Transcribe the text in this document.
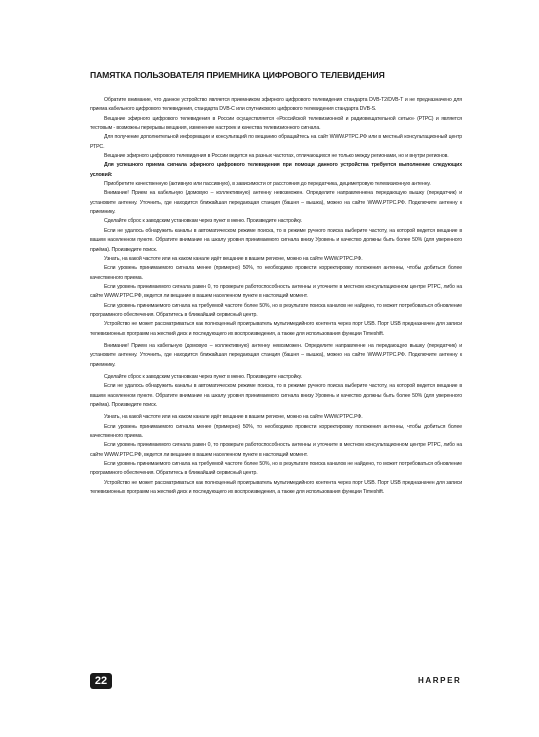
ПАМЯТКА ПОЛЬЗОВАТЕЛЯ ПРИЕМНИКА ЦИФРОВОГО ТЕЛЕВИДЕНИЯ

Обратите внимание, что данное устройство является приемником эфирного цифрового телевидения стандарта DVB-T2/DVB-T и не предназначено для приема кабельного цифрового телевидения, стандарта DVB-C или спутникового цифрового телевидения стандарта DVB-S.

Вещание эфирного цифрового телевидения в России осуществляется «Российской телевизионной и радиовещательной сетью» (РТРС) и является тестовым - возможны перерывы вещания, изменение настроек и качества телевизионного сигнала.

Для получение дополнительной информации и консультаций по вещанию обращайтесь на сайт WWW.PTPC.PФ или в местный консультационный центр РТРС.

Вещание эфирного цифрового телевидения в России ведется на разных частотах, отличающихся не только между регионами, но и внутри регионов.

Для успешного приема сигнала эфирного цифрового телевидения при помощи данного устройства требуется выполнение следующих условий:

Приобретите качественную (активную или пассивную), в зависимости от расстояния до передатчика, дециметровую телевизионную антенну.

Внимание! Прием на кабельную (домовую – коллективную) антенну невозможен. Определите направленнена передающую вышку (передатчик) и установите антенну. Уточнить, где находится ближайшая передающая станция (башня – вышка), можно на сайте WWW.PTPC.PФ. Подключите антенну к приемнику.

Сделайте сброс к заводским установкам через пункт в меню. Произведите настройку.

Если не удалось обнаружить каналы в автоматическом режиме поиска, то в режиме ручного поиска выберите частоту, на которой ведется вещание в вашем населенном пункте. Обратите внимание на шкалу уровня принимаемого сигнала внизу Уровень и качество должны быть более 50% (для уверенного приёма). Произведите поиск.

Узнать, на какой частоте или на каком канале идёт вещание в вашем регионе, можно на сайте WWW.PTPC.PФ.

Если уровень принимаемого сигнала менее (примерно) 50%, то необходимо провести корректировку положения антенны, чтобы добиться более качественного приема.

Если уровень принимаемого сигнала равен 0, то проверьте работоспособность антенны и уточните в местном консультационном центре РТРС, либо на сайте WWW.PTPC.PФ, ведется ли вещание в вашем населенном пункте в настоящий момент.

Если уровень принимаемого сигнала на требуемой частоте более 50%, но в результате поиска каналов не найдено, то может потребоваться обновление программного обеспечения. Обратитесь в ближайший сервисный центр.

Устройство не может рассматриваться как полноценный проигрыватель мультимедийного контента через порт USB. Порт USB предназначен для записи телевизионных программ на жесткий диск и последующего их воспроизведения, а также для использования функции Timeshift.

Внимание! Прием на кабельную (домовую – коллективную) антенну невозможен. Определите направленне на передающую вышку (передатчик) и установите антенну. Уточнить, где находится ближайшая передающая станция (башня – вышка), можно на сайте WWW.PTPC.PФ. Подключите антенну к приемнику.

Сделайте сброс к заводским установкам через пункт в меню. Произведите настройку.

Если не удалось обнаружить каналы в автоматическом режиме поиска, то в режиме ручного поиска выберите частоту, на которой ведется вещание в вашем населенном пункте. Обратите внимание на шкалу уровня принимаемого сигнала внизу Уровень и качество должны быть более 50% (для уверенного приёма). Произведите поиск.

Узнать, на какой частоте или на каком канале идёт вещание в вашем регионе, можно на сайте WWW.PTPC.PФ.

Если уровень принимаемого сигнала менее (примерно) 50%, то необходимо провести корректировку положения антенны, чтобы добиться более качественного приема.

Если уровень принимаемого сигнала равен 0, то проверьте работоспособность антенны и уточните в местном консультационном центре РТРС, либо на сайте WWW.PTPC.PФ, ведется ли вещание в вашем населенном пункте в настоящий момент.

Если уровень принимаемого сигнала на требуемой частоте более 50%, но в результате поиска каналов не найдено, то может потребоваться обновление программного обеспечения. Обратитесь в ближайший сервисный центр.

Устройство не может рассматриваться как полноценный проигрыватель мультимедийного контента через порт USB. Порт USB предназначен для записи телевизионных программ на жесткий диск и последующего их воспроизведения, а также для использования функции Timeshift.

22	HARPER
